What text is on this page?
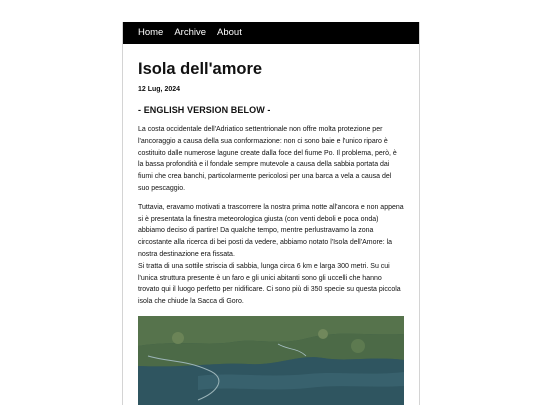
Home Archive About
Isola dell'amore
12 Lug, 2024
- ENGLISH VERSION BELOW -

La costa occidentale dell'Adriatico settentrionale non offre molta protezione per l'ancoraggio a causa della sua conformazione: non ci sono baie e l'unico riparo è costituito dalle numerose lagune create dalla foce del fiume Po. Il problema, però, è la bassa profondità e il fondale sempre mutevole a causa della sabbia portata dai fiumi che crea banchi, particolarmente pericolosi per una barca a vela a causa del suo pescaggio.

Tuttavia, eravamo motivati a trascorrere la nostra prima notte all'ancora e non appena si è presentata la finestra meteorologica giusta (con venti deboli e poca onda) abbiamo deciso di partire! Da qualche tempo, mentre perlustravamo la zona circostante alla ricerca di bei posti da vedere, abbiamo notato l'Isola dell'Amore: la nostra destinazione era fissata.
Si tratta di una sottile striscia di sabbia, lunga circa 6 km e larga 300 metri. Su cui l'unica struttura presente è un faro e gli unici abitanti sono gli uccelli che hanno trovato qui il luogo perfetto per nidificare. Ci sono più di 350 specie su questa piccola isola che chiude la Sacca di Goro.
